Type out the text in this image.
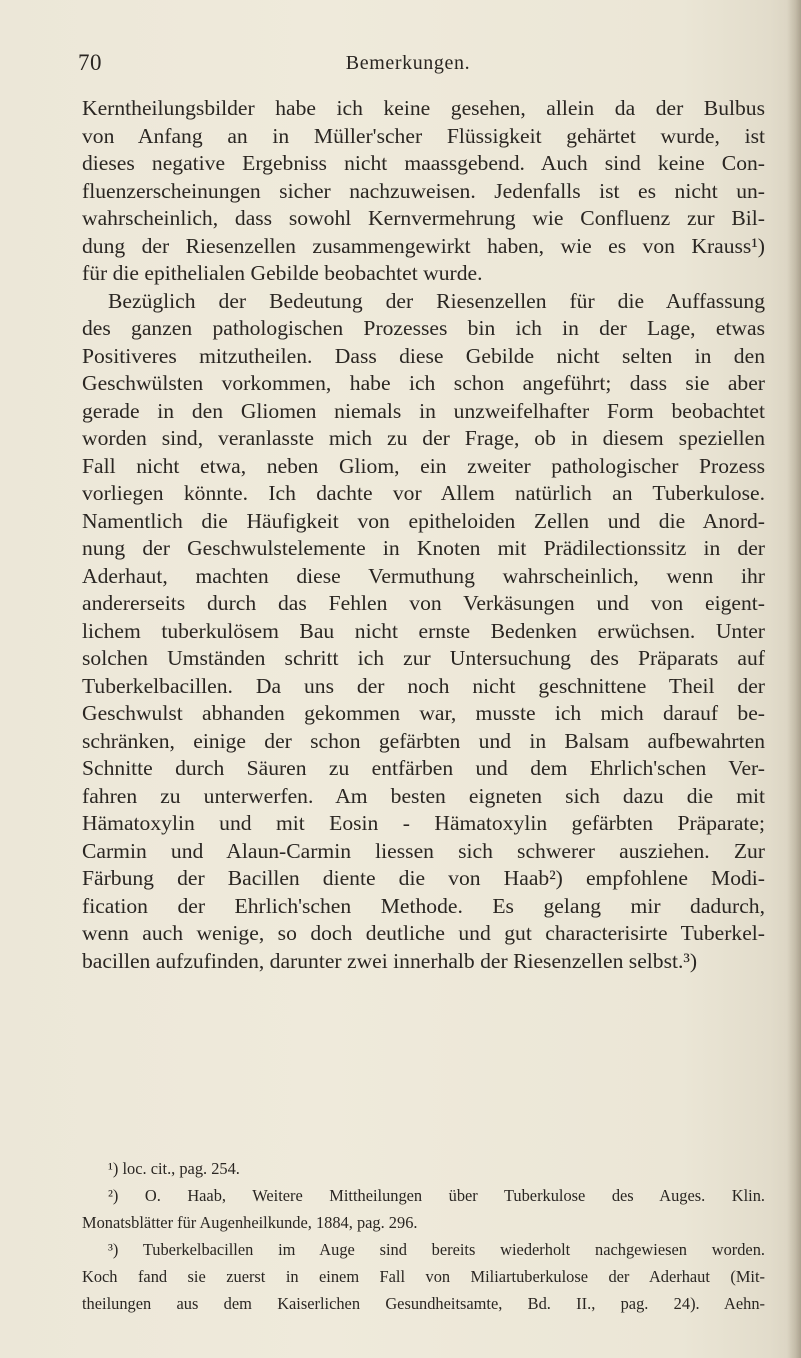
70	Bemerkungen.
Kerntheilungsbilder habe ich keine gesehen, allein da der Bulbus
von Anfang an in Müller'scher Flüssigkeit gehärtet wurde, ist
dieses negative Ergebniss nicht maassgebend. Auch sind keine Con-
fluenzerscheinungen sicher nachzuweisen. Jedenfalls ist es nicht un-
wahrscheinlich, dass sowohl Kernvermehrung wie Confluenz zur Bil-
dung der Riesenzellen zusammengewirkt haben, wie es von Krauss¹)
für die epithelialen Gebilde beobachtet wurde.
Bezüglich der Bedeutung der Riesenzellen für die Auffassung
des ganzen pathologischen Prozesses bin ich in der Lage, etwas
Positiveres mitzutheilen. Dass diese Gebilde nicht selten in den
Geschwülsten vorkommen, habe ich schon angeführt; dass sie aber
gerade in den Gliomen niemals in unzweifelhafter Form beobachtet
worden sind, veranlasste mich zu der Frage, ob in diesem speziellen
Fall nicht etwa, neben Gliom, ein zweiter pathologischer Prozess
vorliegen könnte. Ich dachte vor Allem natürlich an Tuberkulose.
Namentlich die Häufigkeit von epitheloiden Zellen und die Anord-
nung der Geschwulstelemente in Knoten mit Prädilectionssitz in der
Aderhaut, machten diese Vermuthung wahrscheinlich, wenn ihr
andererseits durch das Fehlen von Verkäsungen und von eigent-
lichem tuberkulösem Bau nicht ernste Bedenken erwüchsen. Unter
solchen Umständen schritt ich zur Untersuchung des Präparats auf
Tuberkelbacillen. Da uns der noch nicht geschnittene Theil der
Geschwulst abhanden gekommen war, musste ich mich darauf be-
schränken, einige der schon gefärbten und in Balsam aufbewahrten
Schnitte durch Säuren zu entfärben und dem Ehrlich'schen Ver-
fahren zu unterwerfen. Am besten eigneten sich dazu die mit
Hämatoxylin und mit Eosin - Hämatoxylin gefärbten Präparate;
Carmin und Alaun-Carmin liessen sich schwerer ausziehen. Zur
Färbung der Bacillen diente die von Haab²) empfohlene Modi-
fication der Ehrlich'schen Methode. Es gelang mir dadurch,
wenn auch wenige, so doch deutliche und gut characterisirte Tuberkel-
bacillen aufzufinden, darunter zwei innerhalb der Riesenzellen selbst.³)
¹) loc. cit., pag. 254.
²) O. Haab, Weitere Mittheilungen über Tuberkulose des Auges. Klin.
Monatsblätter für Augenheilkunde, 1884, pag. 296.
³) Tuberkelbacillen im Auge sind bereits wiederholt nachgewiesen worden.
Koch fand sie zuerst in einem Fall von Miliartuberkulose der Aderhaut (Mit-
theilungen aus dem Kaiserlichen Gesundheitsamte, Bd. II., pag. 24). Aehn-
